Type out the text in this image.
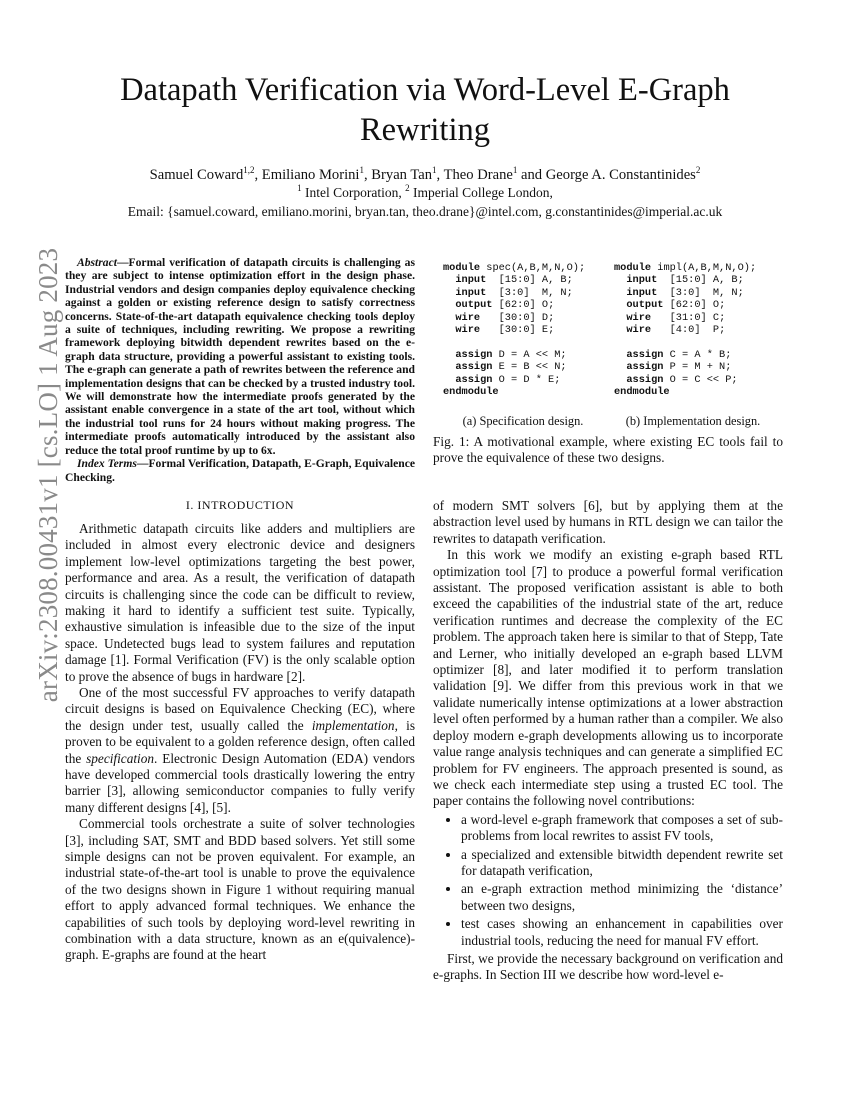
arXiv:2308.00431v1 [cs.LO] 1 Aug 2023
Datapath Verification via Word-Level E-Graph Rewriting
Samuel Coward$^{1,2}$, Emiliano Morini$^1$, Bryan Tan$^1$, Theo Drane$^1$ and George A. Constantinides$^2$
$^1$ Intel Corporation, $^2$ Imperial College London,
Email: {samuel.coward, emiliano.morini, bryan.tan, theo.drane}@intel.com, g.constantinides@imperial.ac.uk

Abstract—Formal verification of datapath circuits is challenging as they are subject to intense optimization effort in the design phase. Industrial vendors and design companies deploy equivalence checking against a golden or existing reference design to satisfy correctness concerns. State-of-the-art datapath equivalence checking tools deploy a suite of techniques, including rewriting. We propose a rewriting framework deploying bitwidth dependent rewrites based on the e-graph data structure, providing a powerful assistant to existing tools. The e-graph can generate a path of rewrites between the reference and implementation designs that can be checked by a trusted industry tool. We will demonstrate how the intermediate proofs generated by the assistant enable convergence in a state of the art tool, without which the industrial tool runs for 24 hours without making progress. The intermediate proofs automatically introduced by the assistant also reduce the total proof runtime by up to 6x.

Index Terms—Formal Verification, Datapath, E-Graph, Equivalence Checking.

I. INTRODUCTION

Arithmetic datapath circuits like adders and multipliers are included in almost every electronic device and designers implement low-level optimizations targeting the best power, performance and area. As a result, the verification of datapath circuits is challenging since the code can be difficult to review, making it hard to identify a sufficient test suite. Typically, exhaustive simulation is infeasible due to the size of the input space. Undetected bugs lead to system failures and reputation damage [1]. Formal Verification (FV) is the only scalable option to prove the absence of bugs in hardware [2].

One of the most successful FV approaches to verify datapath circuit designs is based on Equivalence Checking (EC), where the design under test, usually called the implementation, is proven to be equivalent to a golden reference design, often called the specification. Electronic Design Automation (EDA) vendors have developed commercial tools drastically lowering the entry barrier [3], allowing semiconductor companies to fully verify many different designs [4], [5].

Commercial tools orchestrate a suite of solver technologies [3], including SAT, SMT and BDD based solvers. Yet still some simple designs can not be proven equivalent. For example, an industrial state-of-the-art tool is unable to prove the equivalence of the two designs shown in Figure 1 without requiring manual effort to apply advanced formal techniques. We enhance the capabilities of such tools by deploying word-level rewriting in combination with a data structure, known as an e(quivalence)-graph. E-graphs are found at the heart

module spec(A,B,M,N,O);
input [15:0] A, B;
input [3:0] M, N;
output [62:0] O;
wire [30:0] D;
wire [30:0] E;

assign D = A << M;
assign E = B << N;
assign O = D * E;
endmodule
module impl(A,B,M,N,O);
input [15:0] A, B;
input [3:0] M, N;
output [62:0] O;
wire [31:0] C;
wire [4:0] P;

assign C = A * B;
assign P = M + N;
assign O = C << P;
endmodule
(a) Specification design.	(b) Implementation design.
Fig. 1: A motivational example, where existing EC tools fail to prove the equivalence of these two designs.

of modern SMT solvers [6], but by applying them at the abstraction level used by humans in RTL design we can tailor the rewrites to datapath verification.

In this work we modify an existing e-graph based RTL optimization tool [7] to produce a powerful formal verification assistant. The proposed verification assistant is able to both exceed the capabilities of the industrial state of the art, reduce verification runtimes and decrease the complexity of the EC problem. The approach taken here is similar to that of Stepp, Tate and Lerner, who initially developed an e-graph based LLVM optimizer [8], and later modified it to perform translation validation [9]. We differ from this previous work in that we validate numerically intense optimizations at a lower abstraction level often performed by a human rather than a compiler. We also deploy modern e-graph developments allowing us to incorporate value range analysis techniques and can generate a simplified EC problem for FV engineers. The approach presented is sound, as we check each intermediate step using a trusted EC tool. The paper contains the following novel contributions:

• a word-level e-graph framework that composes a set of sub-problems from local rewrites to assist FV tools,
• a specialized and extensible bitwidth dependent rewrite set for datapath verification,
• an e-graph extraction method minimizing the ‘distance’ between two designs,
• test cases showing an enhancement in capabilities over industrial tools, reducing the need for manual FV effort.

First, we provide the necessary background on verification and e-graphs. In Section III we describe how word-level e-
